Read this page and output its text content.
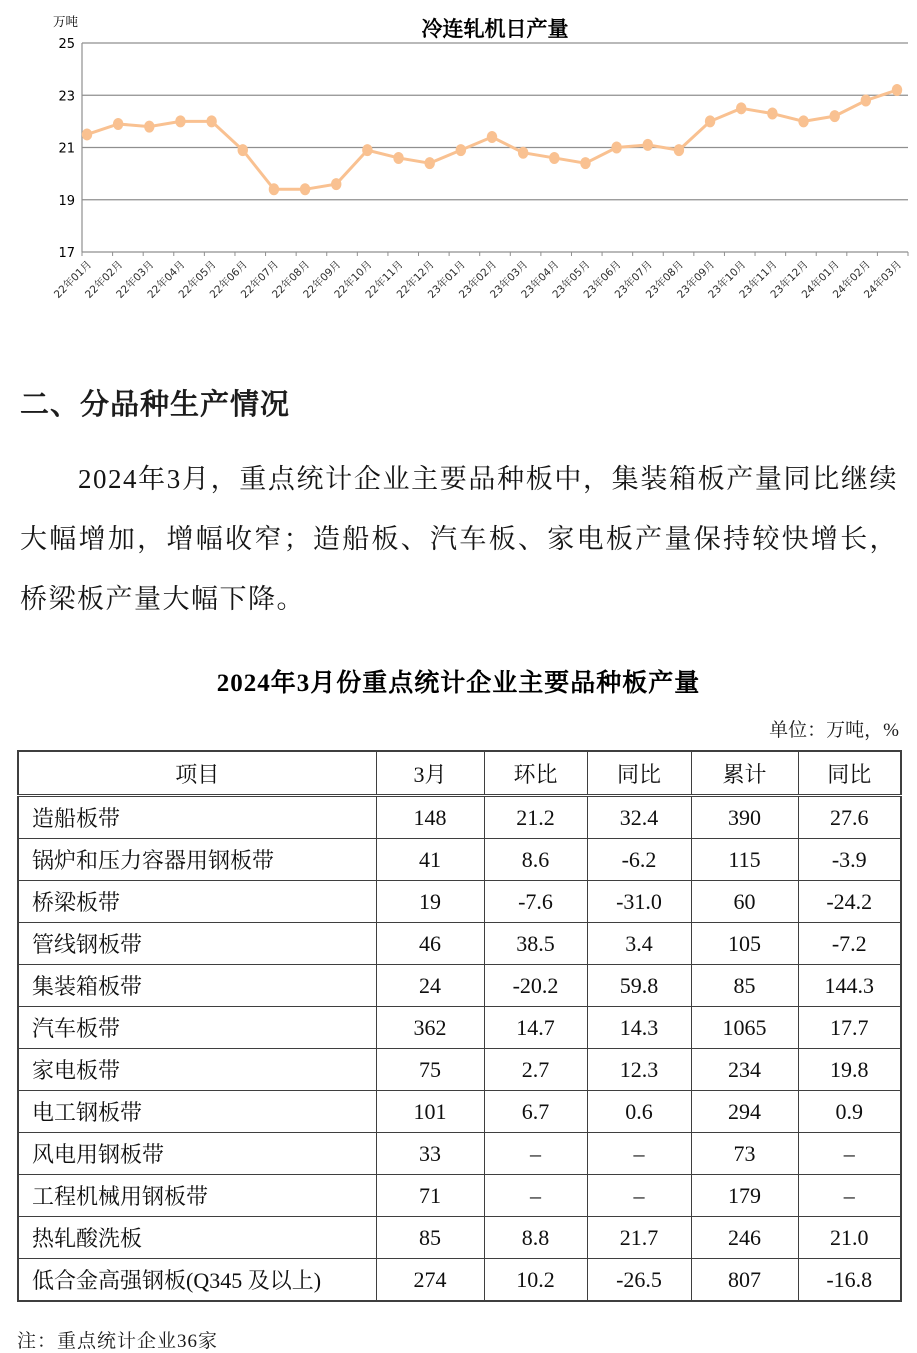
17
19
21
23
25
22年01月
22年02月
22年03月
22年04月
22年05月
22年06月
22年07月
22年08月
22年09月
22年10月
22年11月
22年12月
23年01月
23年02月
23年03月
23年04月
23年05月
23年06月
23年07月
23年08月
23年09月
23年10月
23年11月
23年12月
24年01月
24年02月
24年03月
万吨	冷连轧机日产量
二、分品种生产情况

2024年3月，重点统计企业主要品种板中，集装箱板产量同比继续大幅增加，增幅收窄；造船板、汽车板、家电板产量保持较快增长，桥梁板产量大幅下降。

2024年3月份重点统计企业主要品种板产量
单位：万吨，%
项目	3月	环比	同比	累计	同比
造船板带	148	21.2	32.4	390	27.6
锅炉和压力容器用钢板带	41	8.6	-6.2	115	-3.9
桥梁板带	19	-7.6	-31.0	60	-24.2
管线钢板带	46	38.5	3.4	105	-7.2
集装箱板带	24	-20.2	59.8	85	144.3
汽车板带	362	14.7	14.3	1065	17.7
家电板带	75	2.7	12.3	234	19.8
电工钢板带	101	6.7	0.6	294	0.9
风电用钢板带	33	–	–	73	–
工程机械用钢板带	71	–	–	179	–
热轧酸洗板	85	8.8	21.7	246	21.0
低合金高强钢板(Q345 及以上)	274	10.2	-26.5	807	-16.8
注：重点统计企业36家
